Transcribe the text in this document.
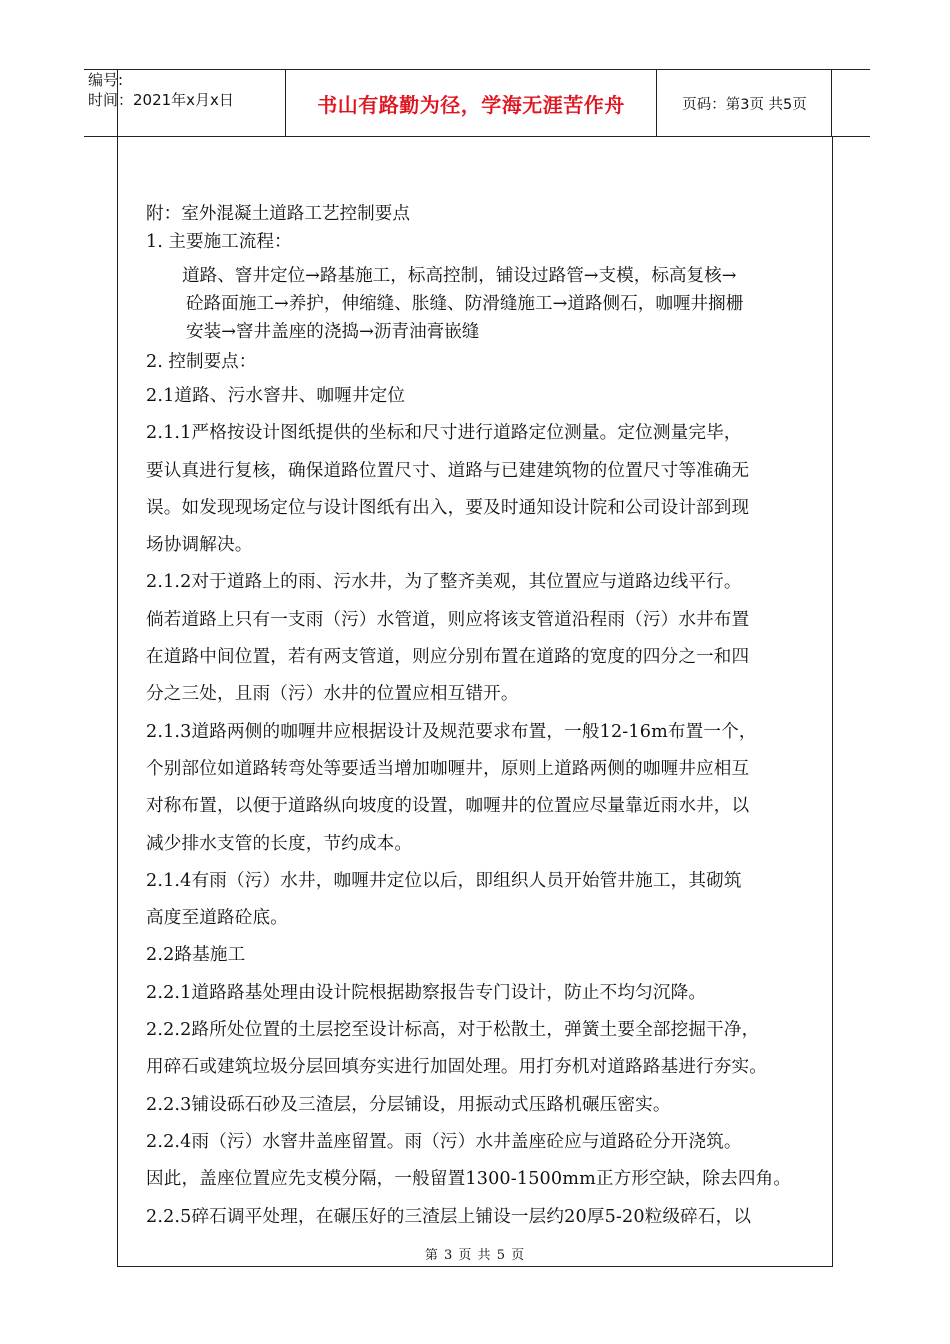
编号:
时间：2021年x月x日	书山有路勤为径，学海无涯苦作舟	页码：第3页 共5页

附：室外混凝土道路工艺控制要点

1. 主要施工流程：

道路、窨井定位→路基施工，标高控制，铺设过路管→支模，标高复核→

砼路面施工→养护，伸缩缝、胀缝、防滑缝施工→道路侧石，咖喱井搁栅

安装→窨井盖座的浇捣→沥青油膏嵌缝

2. 控制要点：

2.1道路、污水窨井、咖喱井定位

2.1.1严格按设计图纸提供的坐标和尺寸进行道路定位测量。定位测量完毕，

要认真进行复核，确保道路位置尺寸、道路与已建建筑物的位置尺寸等准确无

误。如发现现场定位与设计图纸有出入，要及时通知设计院和公司设计部到现

场协调解决。

2.1.2对于道路上的雨、污水井，为了整齐美观，其位置应与道路边线平行。

倘若道路上只有一支雨（污）水管道，则应将该支管道沿程雨（污）水井布置

在道路中间位置，若有两支管道，则应分别布置在道路的宽度的四分之一和四

分之三处，且雨（污）水井的位置应相互错开。

2.1.3道路两侧的咖喱井应根据设计及规范要求布置，一般12-16m布置一个，

个别部位如道路转弯处等要适当增加咖喱井，原则上道路两侧的咖喱井应相互

对称布置，以便于道路纵向坡度的设置，咖喱井的位置应尽量靠近雨水井，以

减少排水支管的长度，节约成本。

2.1.4有雨（污）水井，咖喱井定位以后，即组织人员开始管井施工，其砌筑

高度至道路砼底。

2.2路基施工

2.2.1道路路基处理由设计院根据勘察报告专门设计，防止不均匀沉降。

2.2.2路所处位置的土层挖至设计标高，对于松散土，弹簧土要全部挖掘干净，

用碎石或建筑垃圾分层回填夯实进行加固处理。用打夯机对道路路基进行夯实。

2.2.3铺设砾石砂及三渣层，分层铺设，用振动式压路机碾压密实。

2.2.4雨（污）水窨井盖座留置。雨（污）水井盖座砼应与道路砼分开浇筑。

因此，盖座位置应先支模分隔，一般留置1300-1500mm正方形空缺，除去四角。

2.2.5碎石调平处理，在碾压好的三渣层上铺设一层约20厚5-20粒级碎石，以

第 3 页 共 5 页
